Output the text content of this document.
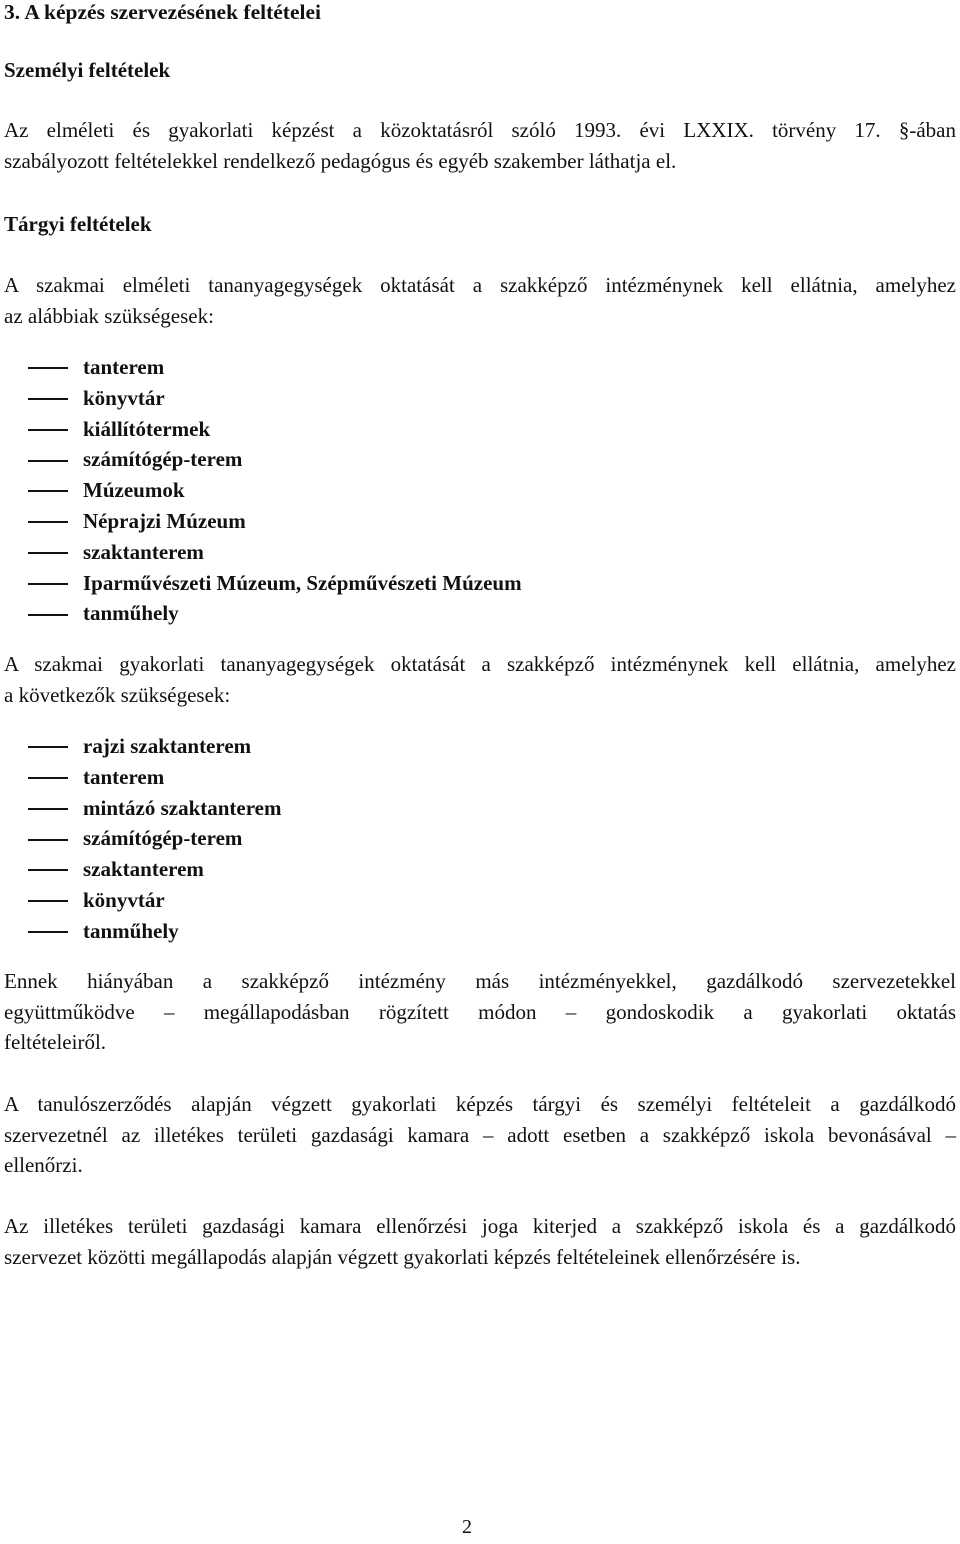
3. A képzés szervezésének feltételei
Személyi feltételek
Az elméleti és gyakorlati képzést a közoktatásról szóló 1993. évi LXXIX. törvény 17. §-ában
szabályozott feltételekkel rendelkező pedagógus és egyéb szakember láthatja el.
Tárgyi feltételek
A szakmai elméleti tananyagegységek oktatását a szakképző intézménynek kell ellátnia, amelyhez
az alábbiak szükségesek:
tanterem
könyvtár
kiállítótermek
számítógép-terem
Múzeumok
Néprajzi Múzeum
szaktanterem
Iparművészeti Múzeum, Szépművészeti Múzeum
tanműhely
A szakmai gyakorlati tananyagegységek oktatását a szakképző intézménynek kell ellátnia, amelyhez
a következők szükségesek:
rajzi szaktanterem
tanterem
mintázó szaktanterem
számítógép-terem
szaktanterem
könyvtár
tanműhely
Ennek hiányában a szakképző intézmény más intézményekkel, gazdálkodó szervezetekkel
együttműködve – megállapodásban rögzített módon – gondoskodik a gyakorlati oktatás
feltételeiről.
A tanulószerződés alapján végzett gyakorlati képzés tárgyi és személyi feltételeit a gazdálkodó
szervezetnél az illetékes területi gazdasági kamara – adott esetben a szakképző iskola bevonásával –
ellenőrzi.
Az illetékes területi gazdasági kamara ellenőrzési joga kiterjed a szakképző iskola és a gazdálkodó
szervezet közötti megállapodás alapján végzett gyakorlati képzés feltételeinek ellenőrzésére is.
2
